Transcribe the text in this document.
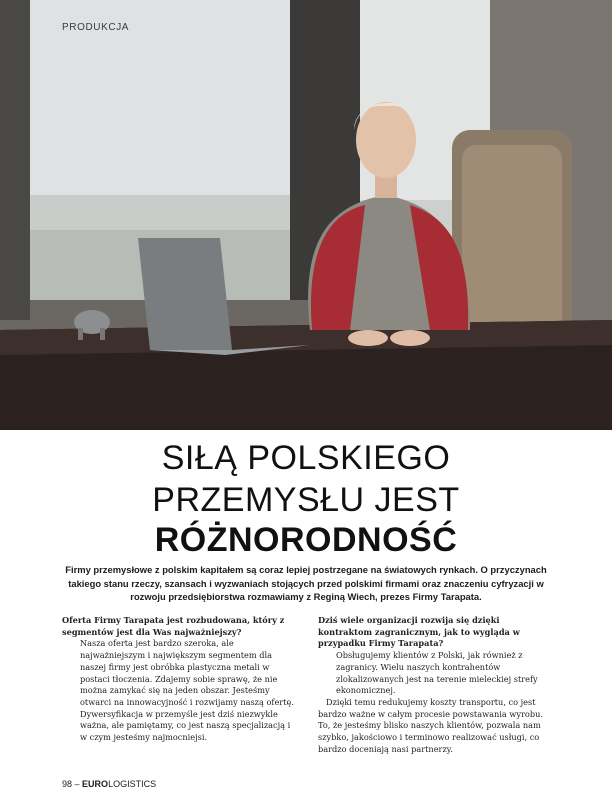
PRODUKCJA
SIŁĄ POLSKIEGO
PRZEMYSŁU JEST
RÓŻNORODNOŚĆ
Firmy przemysłowe z polskim kapitałem są coraz lepiej postrzegane na światowych rynkach. O przyczynach takiego stanu rzeczy, szansach i wyzwaniach stojących przed polskimi firmami oraz znaczeniu cyfryzacji w rozwoju przedsiębiorstwa rozmawiamy z Reginą Wiech, prezes Firmy Tarapata.

Oferta Firmy Tarapata jest rozbudowana, który z segmentów jest dla Was najważniejszy?

Nasza oferta jest bardzo szeroka, ale najważniejszym i największym segmentem dla naszej firmy jest obróbka plastyczna metali w postaci tłoczenia. Zdajemy sobie sprawę, że nie można zamykać się na jeden obszar. Jesteśmy otwarci na innowacyjność i rozwijamy naszą ofertę. Dywersyfikacja w przemyśle jest dziś niezwykle ważna, ale pamiętamy, co jest naszą specjalizacją i w czym jesteśmy najmocniejsi.

Dziś wiele organizacji rozwija się dzięki kontraktom zagranicznym, jak to wygląda w przypadku Firmy Tarapata?

Obsługujemy klientów z Polski, jak również z zagranicy. Wielu naszych kontrahentów zlokalizowanych jest na terenie mieleckiej strefy ekonomicznej.

Dzięki temu redukujemy koszty transportu, co jest bardzo ważne w całym procesie powstawania wyrobu. To, że jesteśmy blisko naszych klientów, pozwala nam szybko, jakościowo i terminowo realizować usługi, co bardzo doceniają nasi partnerzy.

98 – EUROLOGISTICS
